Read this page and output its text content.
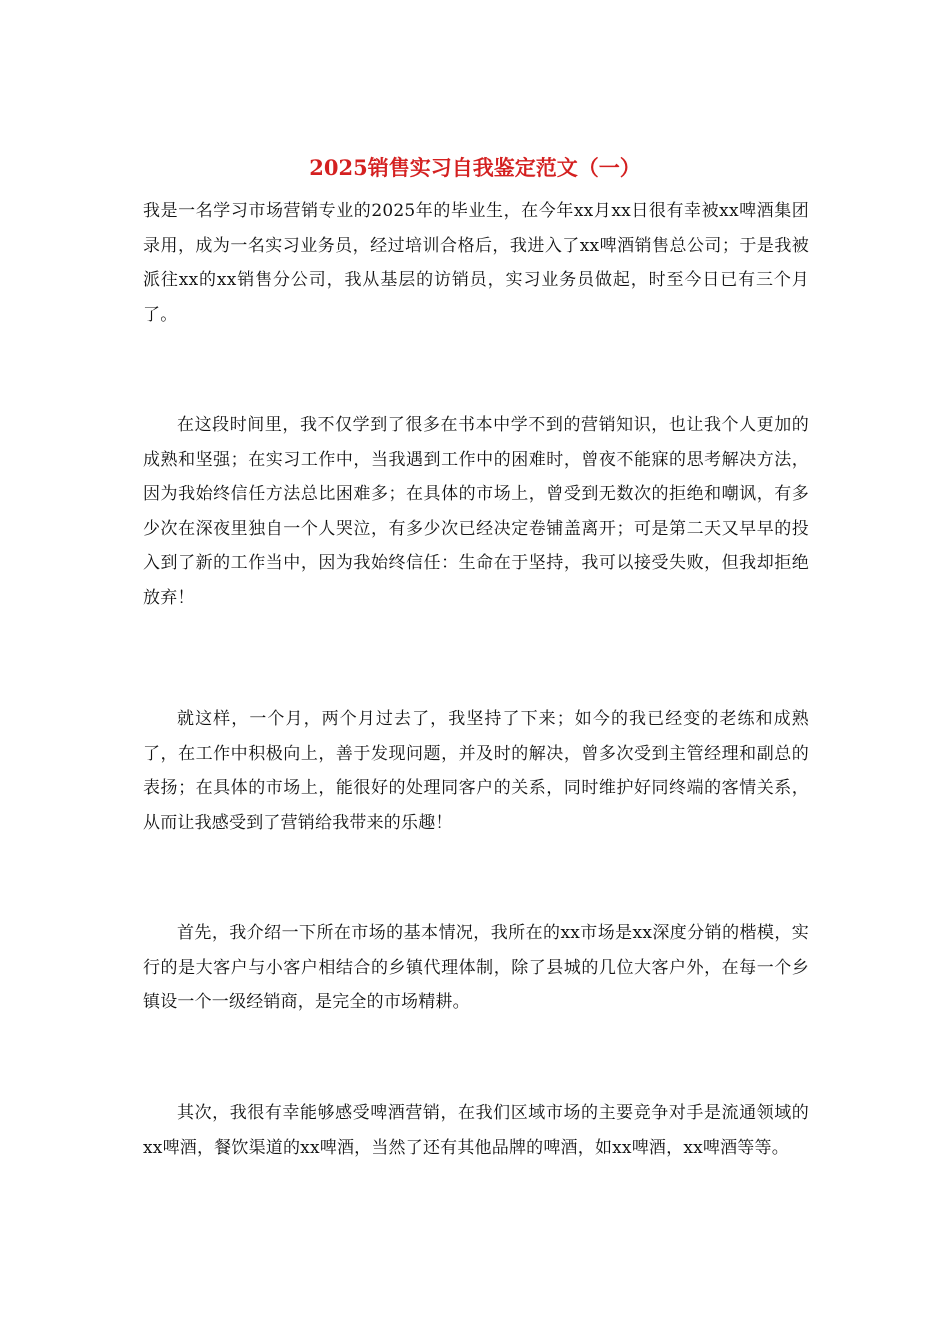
2025销售实习自我鉴定范文（一）

我是一名学习市场营销专业的2025年的毕业生，在今年xx月xx日很有幸被xx啤酒集团录用，成为一名实习业务员，经过培训合格后，我进入了xx啤酒销售总公司；于是我被派往xx的xx销售分公司，我从基层的访销员，实习业务员做起，时至今日已有三个月了。

在这段时间里，我不仅学到了很多在书本中学不到的营销知识，也让我个人更加的成熟和坚强；在实习工作中，当我遇到工作中的困难时，曾夜不能寐的思考解决方法，因为我始终信任方法总比困难多；在具体的市场上，曾受到无数次的拒绝和嘲讽，有多少次在深夜里独自一个人哭泣，有多少次已经决定卷铺盖离开；可是第二天又早早的投入到了新的工作当中，因为我始终信任：生命在于坚持，我可以接受失败，但我却拒绝放弃！

就这样，一个月，两个月过去了，我坚持了下来；如今的我已经变的老练和成熟了，在工作中积极向上，善于发现问题，并及时的解决，曾多次受到主管经理和副总的表扬；在具体的市场上，能很好的处理同客户的关系，同时维护好同终端的客情关系，从而让我感受到了营销给我带来的乐趣！

首先，我介绍一下所在市场的基本情况，我所在的xx市场是xx深度分销的楷模，实行的是大客户与小客户相结合的乡镇代理体制，除了县城的几位大客户外，在每一个乡镇设一个一级经销商，是完全的市场精耕。

其次，我很有幸能够感受啤酒营销，在我们区域市场的主要竞争对手是流通领域的xx啤酒，餐饮渠道的xx啤酒，当然了还有其他品牌的啤酒，如xx啤酒，xx啤酒等等。
